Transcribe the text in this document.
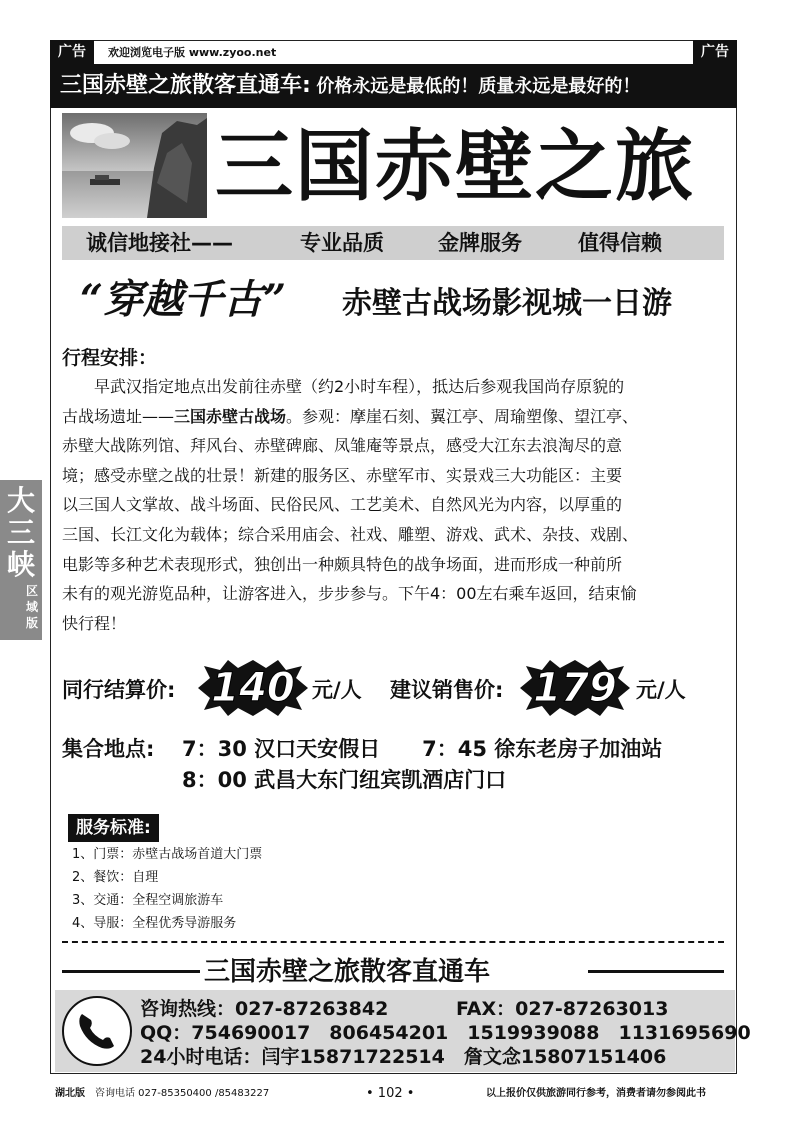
广告	广告
欢迎浏览电子版 www.zyoo.net
三国赤壁之旅散客直通车: 价格永远是最低的！质量永远是最好的！
三国赤壁之旅
诚信地接社——	专业品质	金牌服务	值得信赖
“穿越千古” 赤壁古战场影视城一日游
行程安排：
早武汉指定地点出发前往赤壁（约2小时车程），抵达后参观我国尚存原貌的
古战场遗址——三国赤壁古战场。参观：摩崖石刻、翼江亭、周瑜塑像、望江亭、
赤壁大战陈列馆、拜风台、赤壁碑廊、凤雏庵等景点，感受大江东去浪淘尽的意
境；感受赤壁之战的壮景！新建的服务区、赤壁军市、实景戏三大功能区：主要
以三国人文掌故、战斗场面、民俗民风、工艺美术、自然风光为内容，以厚重的
三国、长江文化为载体；综合采用庙会、社戏、雕塑、游戏、武术、杂技、戏剧、
电影等多种艺术表现形式，独创出一种颇具特色的战争场面，进而形成一种前所
未有的观光游览品种，让游客进入，步步参与。下午4：00左右乘车返回，结束愉
快行程！
同行结算价: 140 元/人 建议销售价: 179 元/人
集合地点: 7：30 汉口天安假日　　7：45 徐东老房子加油站
8：00 武昌大东门纽宾凯酒店门口
服务标准:
1、门票：赤壁古战场首道大门票
2、餐饮：自理
3、交通：全程空调旅游车
4、导服：全程优秀导游服务
三国赤壁之旅散客直通车
咨询热线：027-87263842	FAX：027-87263013
QQ：754690017　806454201　1519939088　1131695690
24小时电话：闫宇15871722514　詹文念15807151406
湖北版 咨询电话 027-85350400 /85483227	• 102 •	以上报价仅供旅游同行参考，消费者请勿参阅此书
大
三
峡
区
域
版
